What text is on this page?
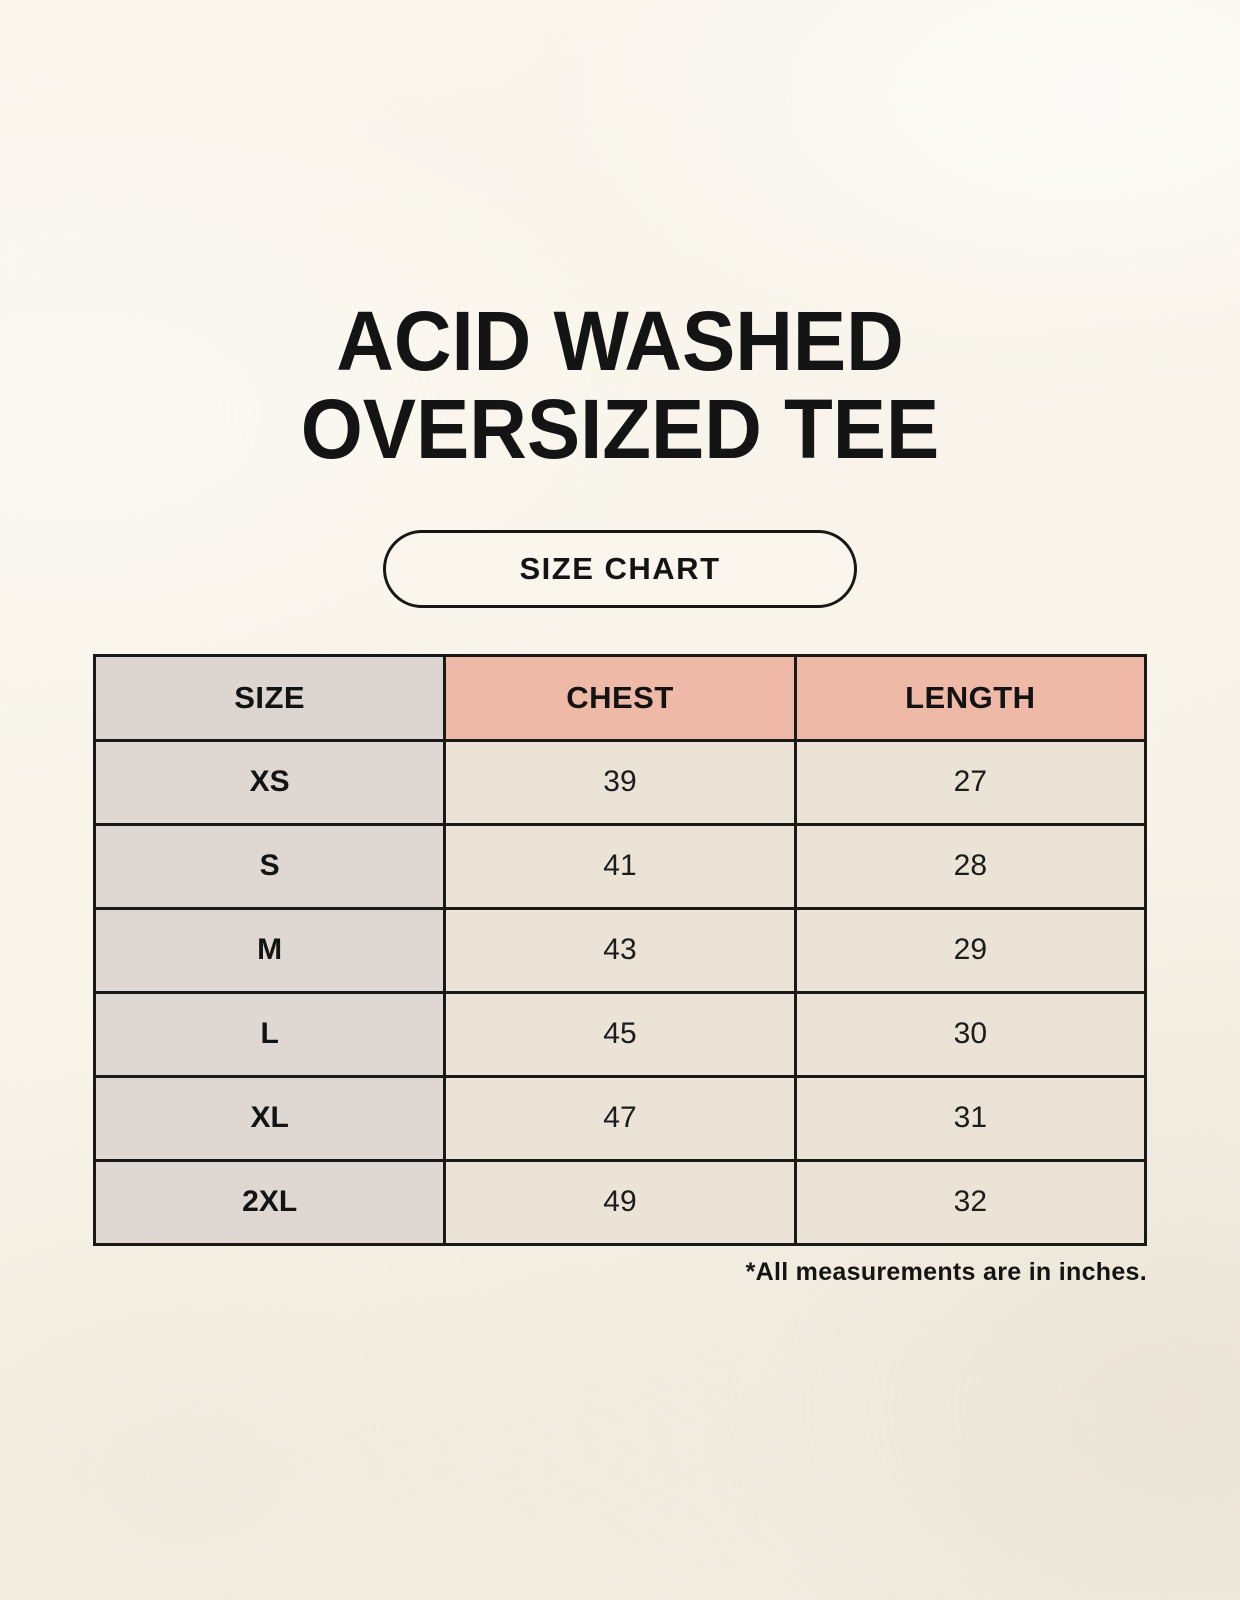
ACID WASHED
OVERSIZED TEE
SIZE CHART
SIZE	CHEST	LENGTH
XS	39	27
S	41	28
M	43	29
L	45	30
XL	47	31
2XL	49	32
*All measurements are in inches.
